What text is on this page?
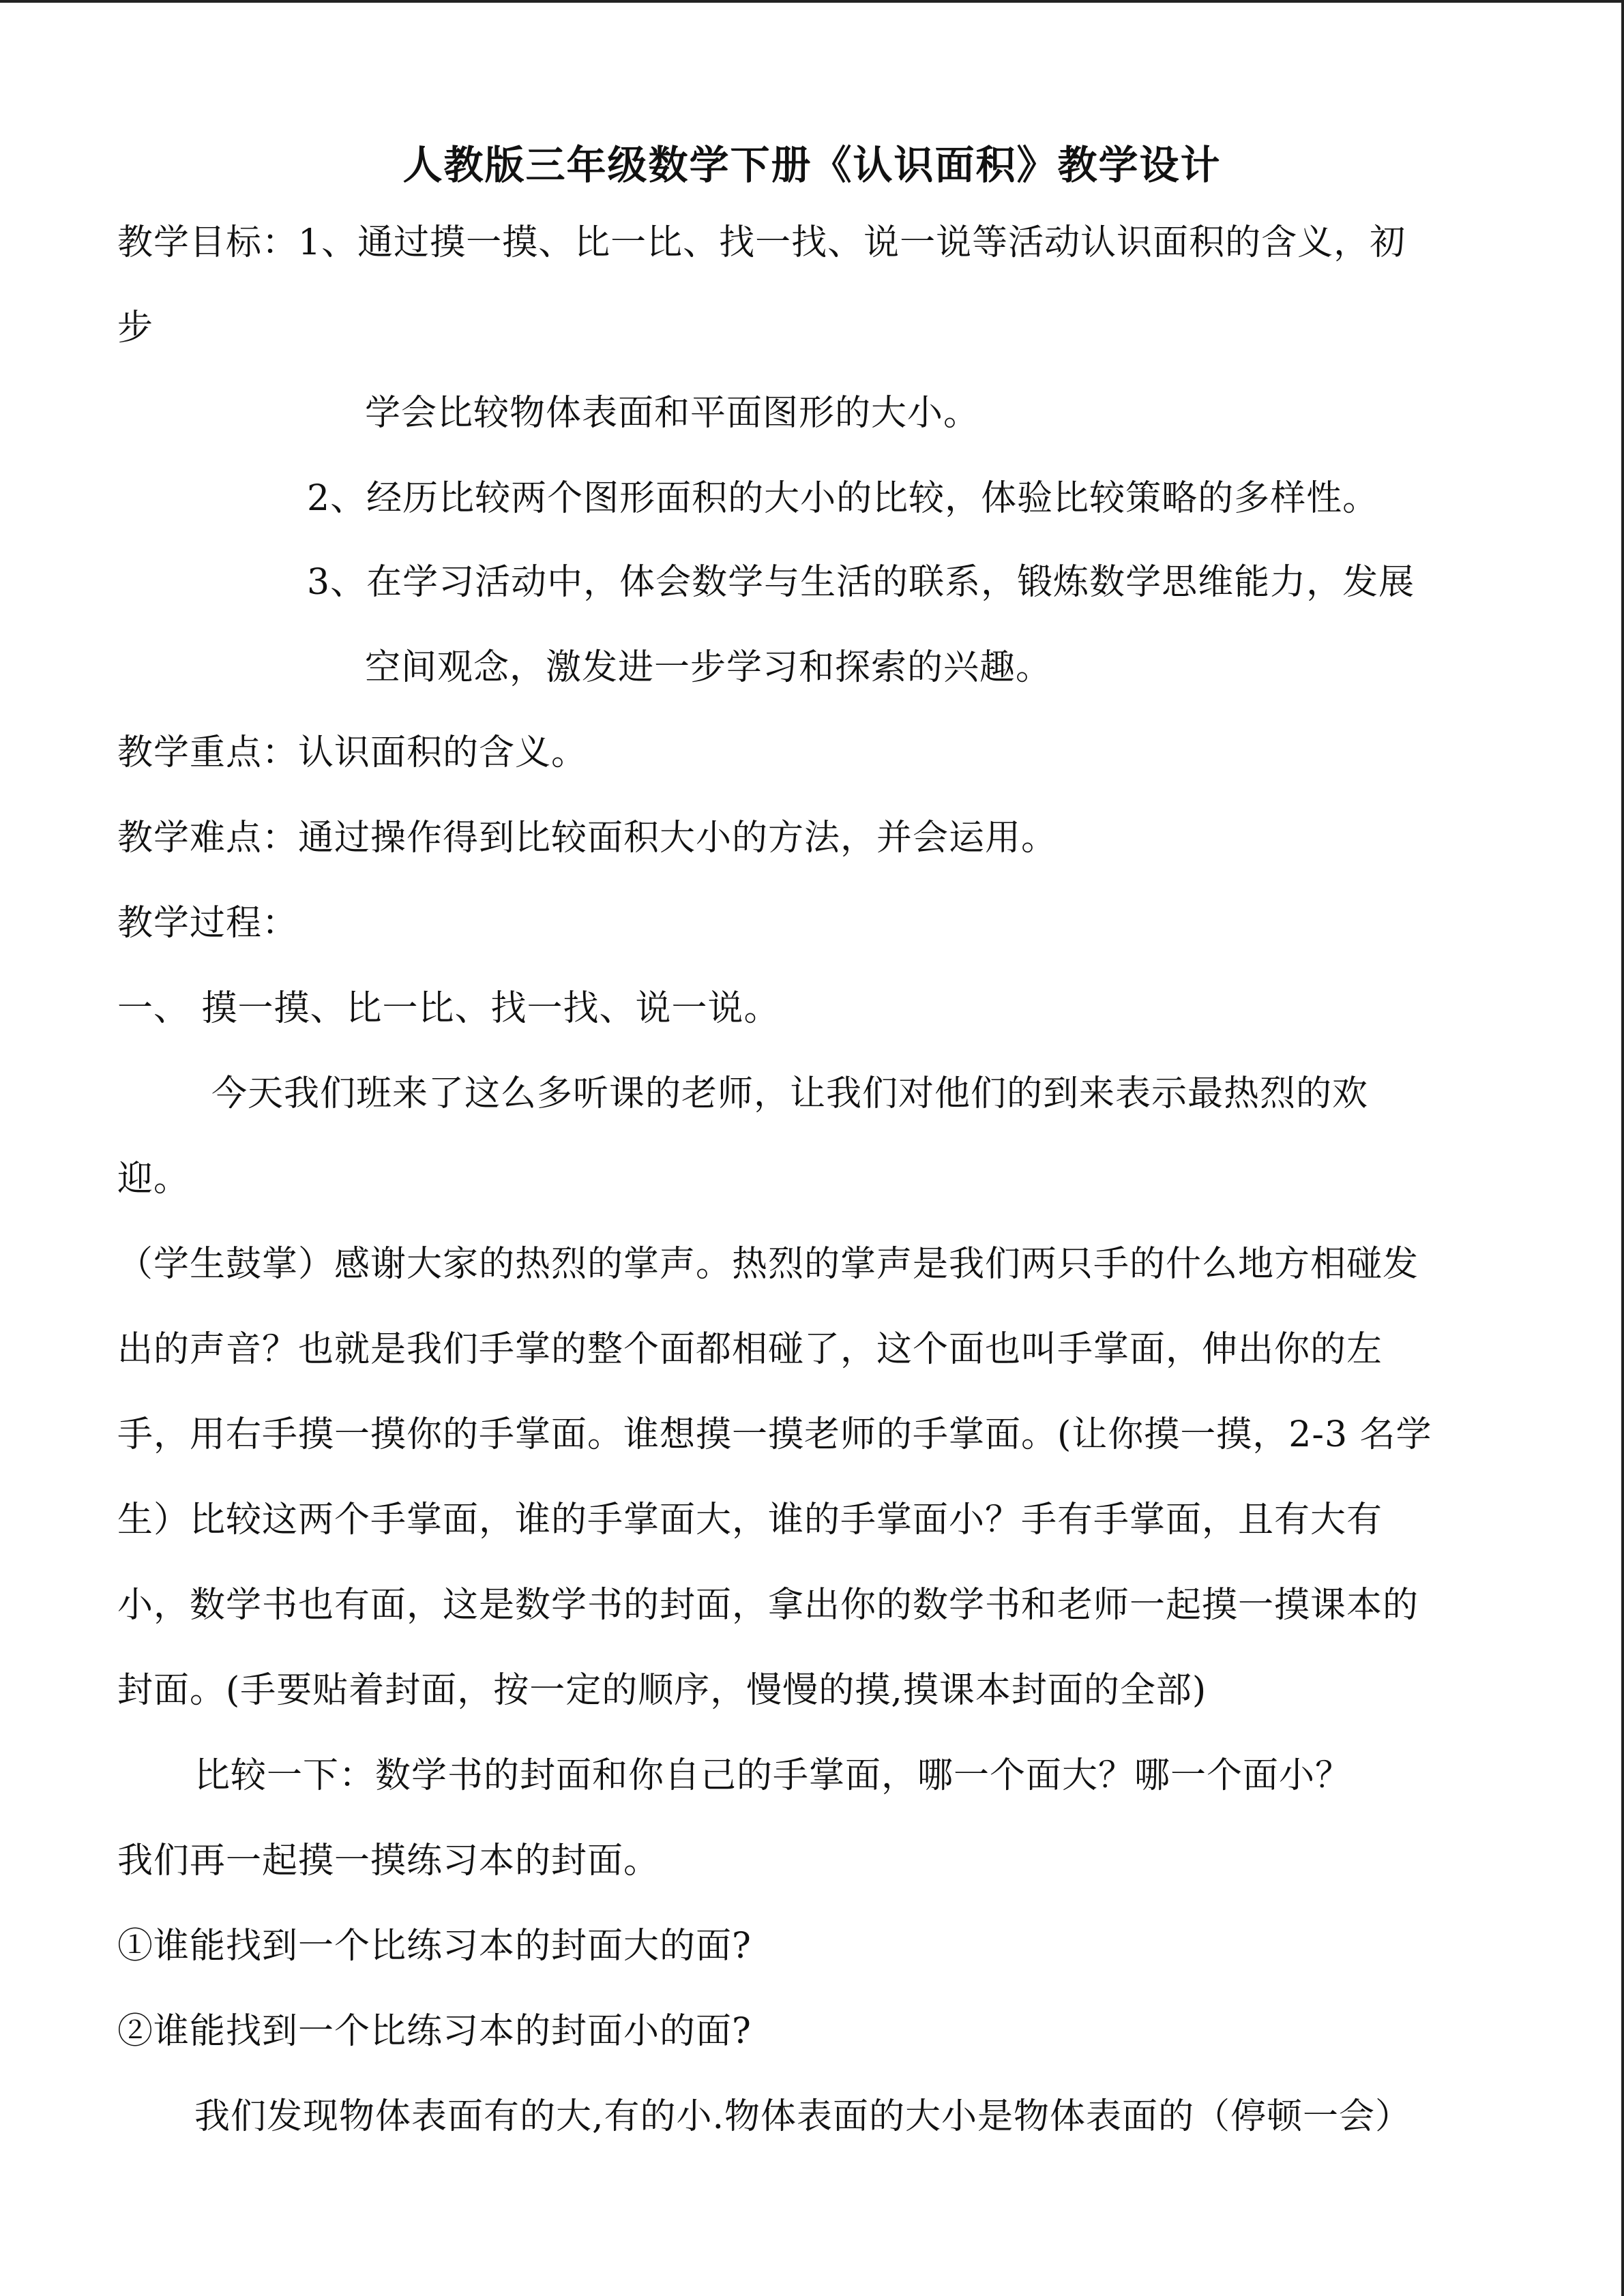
人教版三年级数学下册《认识面积》教学设计
教学目标：1、通过摸一摸、比一比、找一找、说一说等活动认识面积的含义，初
步
学会比较物体表面和平面图形的大小。
2、经历比较两个图形面积的大小的比较，体验比较策略的多样性。
3、在学习活动中，体会数学与生活的联系，锻炼数学思维能力，发展
空间观念，激发进一步学习和探索的兴趣。
教学重点：认识面积的含义。
教学难点：通过操作得到比较面积大小的方法，并会运用。
教学过程：
一、 摸一摸、比一比、找一找、说一说。
今天我们班来了这么多听课的老师，让我们对他们的到来表示最热烈的欢
迎。
（学生鼓掌）感谢大家的热烈的掌声。热烈的掌声是我们两只手的什么地方相碰发
出的声音？也就是我们手掌的整个面都相碰了，这个面也叫手掌面，伸出你的左
手，用右手摸一摸你的手掌面。谁想摸一摸老师的手掌面。(让你摸一摸，2-3 名学
生）比较这两个手掌面，谁的手掌面大，谁的手掌面小？手有手掌面，且有大有
小，数学书也有面，这是数学书的封面，拿出你的数学书和老师一起摸一摸课本的
封面。(手要贴着封面，按一定的顺序，慢慢的摸,摸课本封面的全部)
比较一下：数学书的封面和你自己的手掌面，哪一个面大？哪一个面小？
我们再一起摸一摸练习本的封面。
①谁能找到一个比练习本的封面大的面?
②谁能找到一个比练习本的封面小的面?
我们发现物体表面有的大,有的小.物体表面的大小是物体表面的（停顿一会）
